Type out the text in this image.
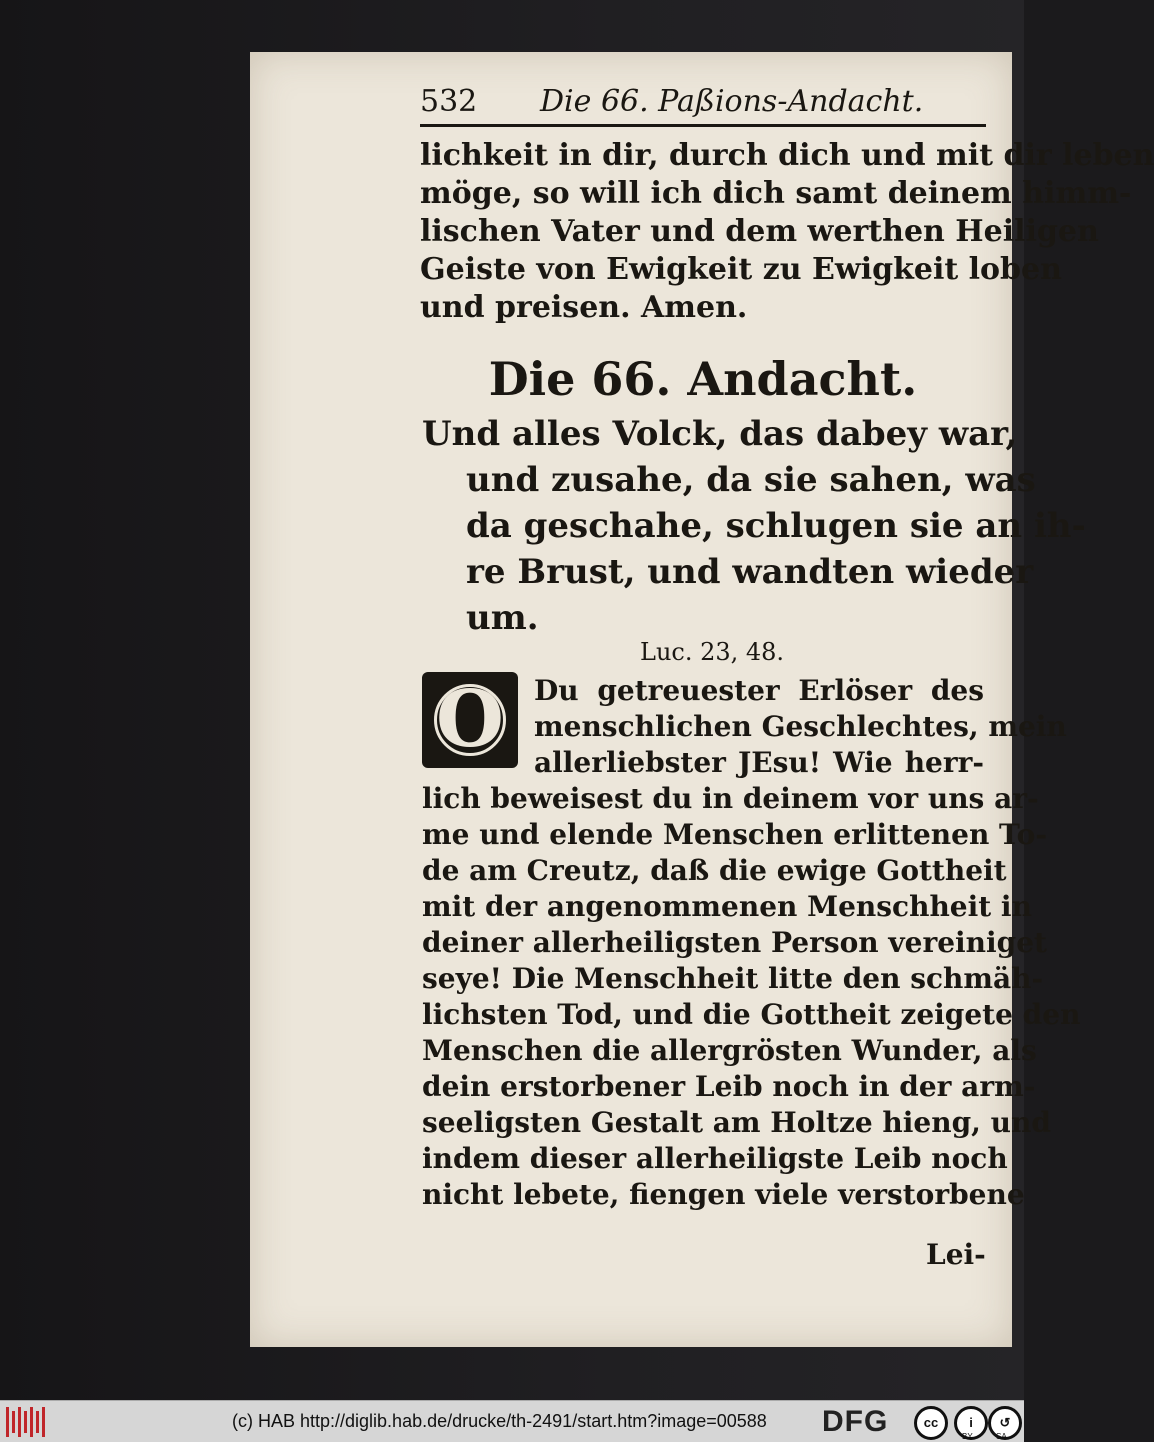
532 Die 66. Paßions-Andacht.
lichkeit in dir, durch dich und mit dir leben
möge, so will ich dich samt deinem himm-
lischen Vater und dem werthen Heiligen
Geiste von Ewigkeit zu Ewigkeit loben
und preisen. Amen.
Die 66. Andacht.
Und alles Volck, das dabey war,
und zusahe, da sie sahen, was
da geschahe, schlugen sie an ih-
re Brust, und wandten wieder
um.
Luc. 23, 48.
O	Du getreuester Erlöser des
menschlichen Geschlechtes, mein
allerliebster JEsu! Wie herr-
lich beweisest du in deinem vor uns ar-
me und elende Menschen erlittenen To-
de am Creutz, daß die ewige Gottheit
mit der angenommenen Menschheit in
deiner allerheiligsten Person vereiniget
seye! Die Menschheit litte den schmäh-
lichsten Tod, und die Gottheit zeigete den
Menschen die allergrösten Wunder, als
dein erstorbener Leib noch in der arm-
seeligsten Gestalt am Holtze hieng, und
indem dieser allerheiligste Leib noch
nicht lebete, fiengen viele verstorbene
Lei-
(c) HAB http://diglib.hab.de/drucke/th-2491/start.htm?image=00588 DFG	cc	i	↺
BY	SA
